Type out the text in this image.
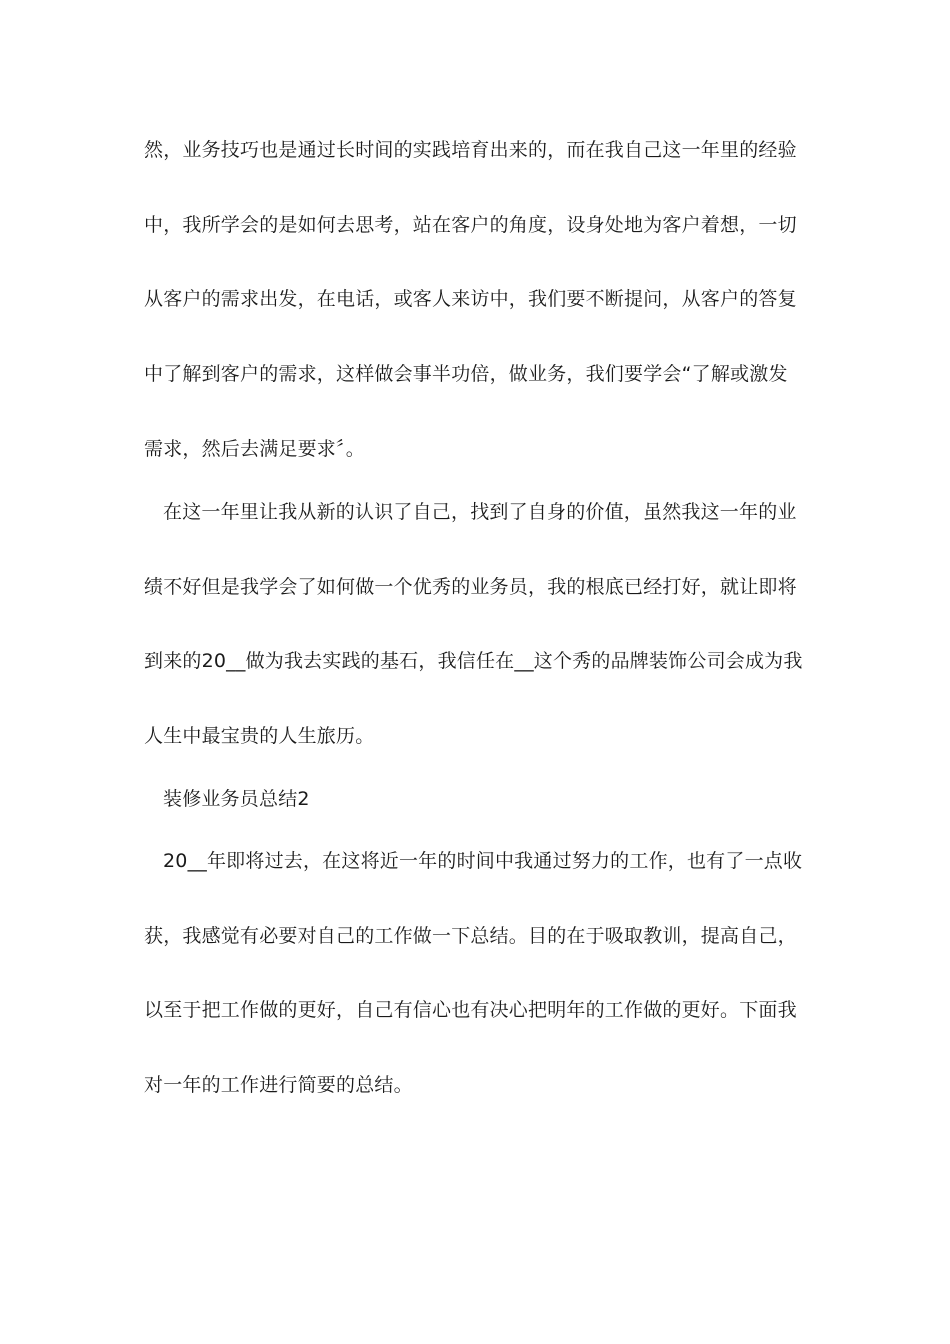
然，业务技巧也是通过长时间的实践培育出来的，而在我自己这一年里的经验
中，我所学会的是如何去思考，站在客户的角度，设身处地为客户着想，一切
从客户的需求出发，在电话，或客人来访中，我们要不断提问，从客户的答复
中了解到客户的需求，这样做会事半功倍，做业务，我们要学会“了解或激发
需求，然后去满足要求〞。
在这一年里让我从新的认识了自己，找到了自身的价值，虽然我这一年的业
绩不好但是我学会了如何做一个优秀的业务员，我的根底已经打好，就让即将
到来的20__做为我去实践的基石，我信任在__这个秀的品牌装饰公司会成为我
人生中最宝贵的人生旅历。
装修业务员总结2
20__年即将过去，在这将近一年的时间中我通过努力的工作，也有了一点收
获，我感觉有必要对自己的工作做一下总结。目的在于吸取教训，提高自己，
以至于把工作做的更好，自己有信心也有决心把明年的工作做的更好。下面我
对一年的工作进行简要的总结。
